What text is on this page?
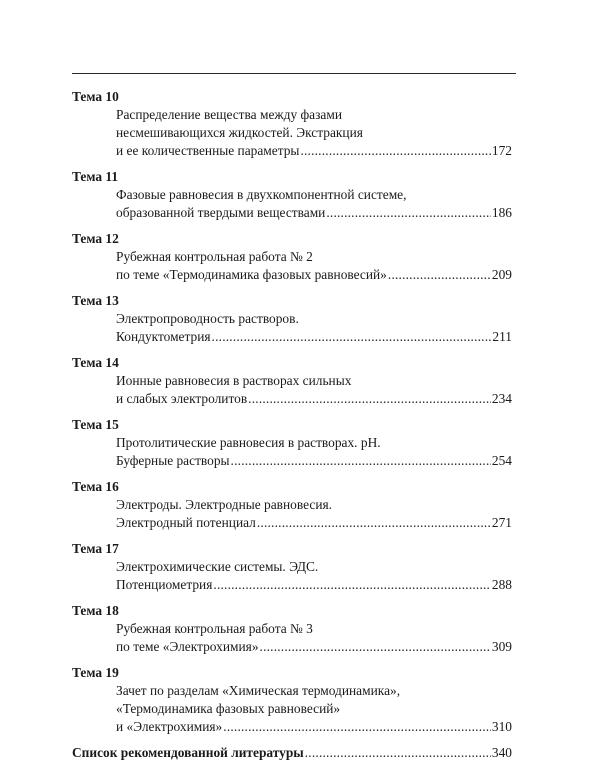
Тема 10
Распределение вещества между фазами
несмешивающихся жидкостей. Экстракция
и ее количественные параметры .....	172
Тема 11
Фазовые равновесия в двухкомпонентной системе,
образованной твердыми веществами .....	186
Тема 12
Рубежная контрольная работа № 2
по теме «Термодинамика фазовых равновесий» .....	209
Тема 13
Электропроводность растворов.
Кондуктометрия .....	211
Тема 14
Ионные равновесия в растворах сильных
и слабых электролитов .....	234
Тема 15
Протолитические равновесия в растворах. pH.
Буферные растворы .....	254
Тема 16
Электроды. Электродные равновесия.
Электродный потенциал .....	271
Тема 17
Электрохимические системы. ЭДС.
Потенциометрия .....	288
Тема 18
Рубежная контрольная работа № 3
по теме «Электрохимия» .....	309
Тема 19
Зачет по разделам «Химическая термодинамика»,
«Термодинамика фазовых равновесий»
и «Электрохимия» .....	310
Список рекомендованной литературы .....	340
